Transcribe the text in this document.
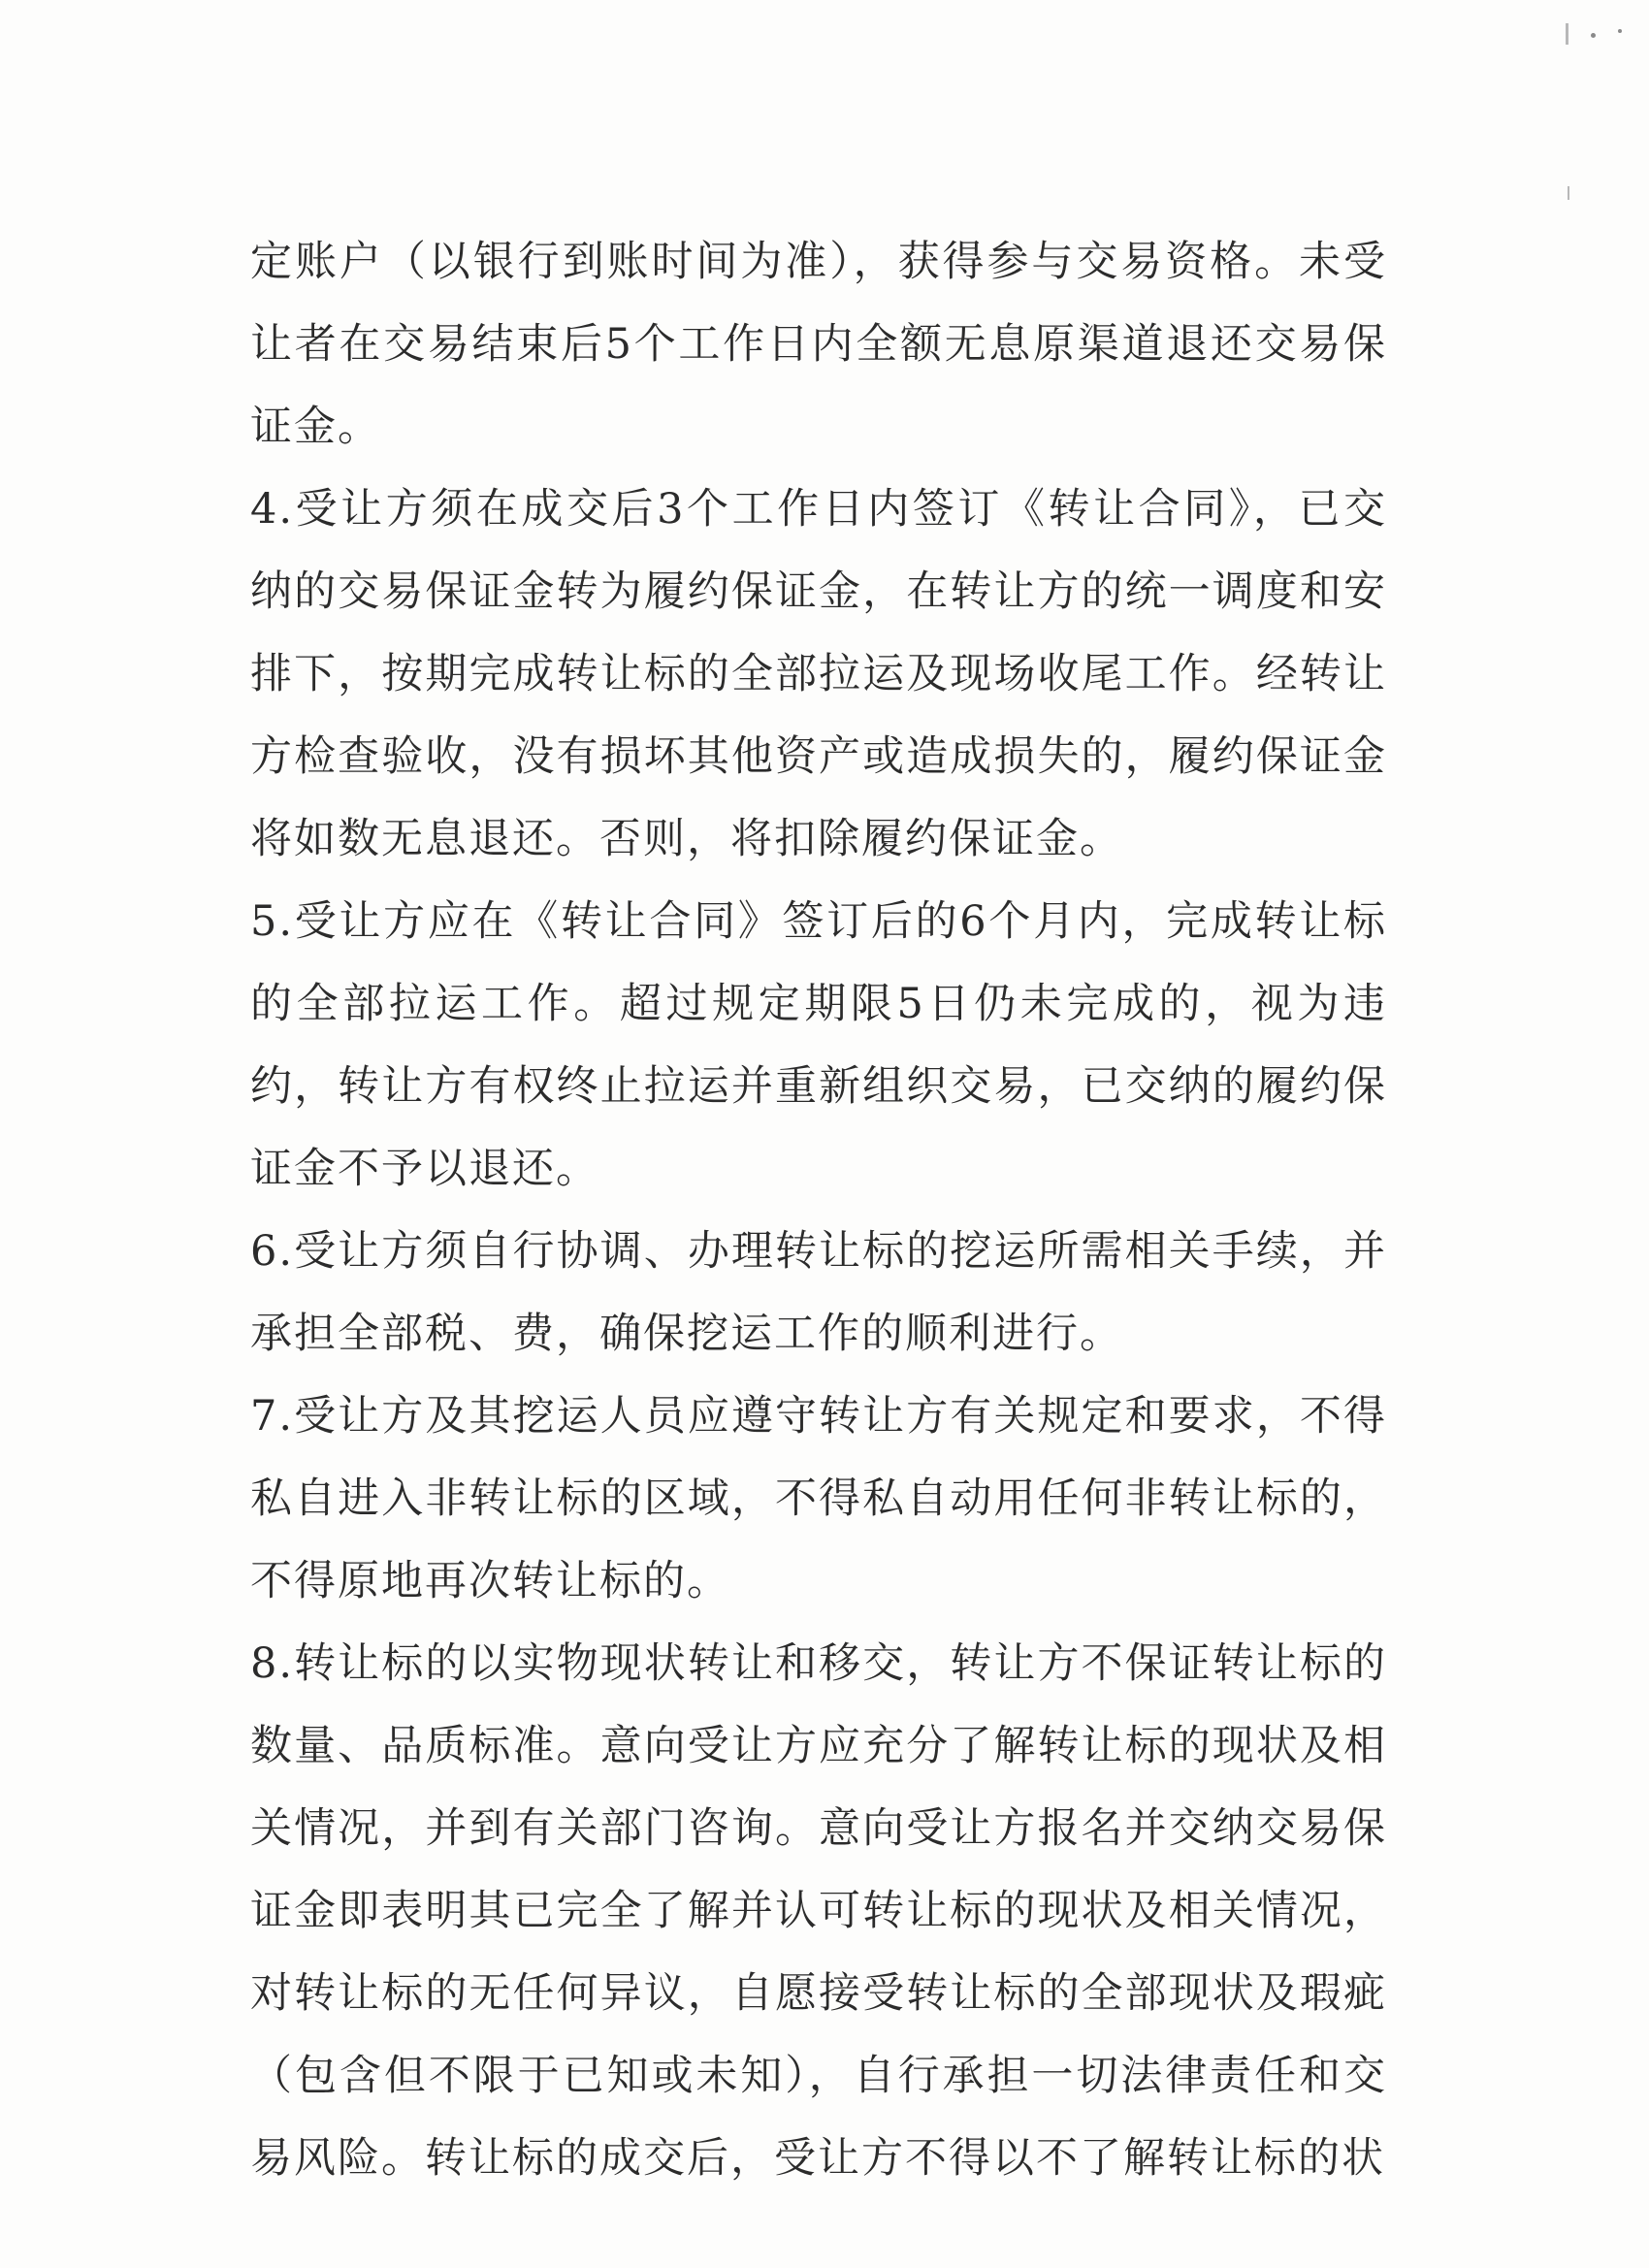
定账户（以银行到账时间为准），获得参与交易资格。未受让者在交易结束后5个工作日内全额无息原渠道退还交易保证金。

4.受让方须在成交后3个工作日内签订《转让合同》，已交纳的交易保证金转为履约保证金，在转让方的统一调度和安排下，按期完成转让标的全部拉运及现场收尾工作。经转让方检查验收，没有损坏其他资产或造成损失的，履约保证金将如数无息退还。否则，将扣除履约保证金。

5.受让方应在《转让合同》签订后的6个月内，完成转让标的全部拉运工作。超过规定期限5日仍未完成的，视为违约，转让方有权终止拉运并重新组织交易，已交纳的履约保证金不予以退还。

6.受让方须自行协调、办理转让标的挖运所需相关手续，并承担全部税、费，确保挖运工作的顺利进行。

7.受让方及其挖运人员应遵守转让方有关规定和要求，不得私自进入非转让标的区域，不得私自动用任何非转让标的，不得原地再次转让标的。

8.转让标的以实物现状转让和移交，转让方不保证转让标的数量、品质标准。意向受让方应充分了解转让标的现状及相关情况，并到有关部门咨询。意向受让方报名并交纳交易保证金即表明其已完全了解并认可转让标的现状及相关情况，对转让标的无任何异议，自愿接受转让标的全部现状及瑕疵（包含但不限于已知或未知），自行承担一切法律责任和交易风险。转让标的成交后，受让方不得以不了解转让标的状
